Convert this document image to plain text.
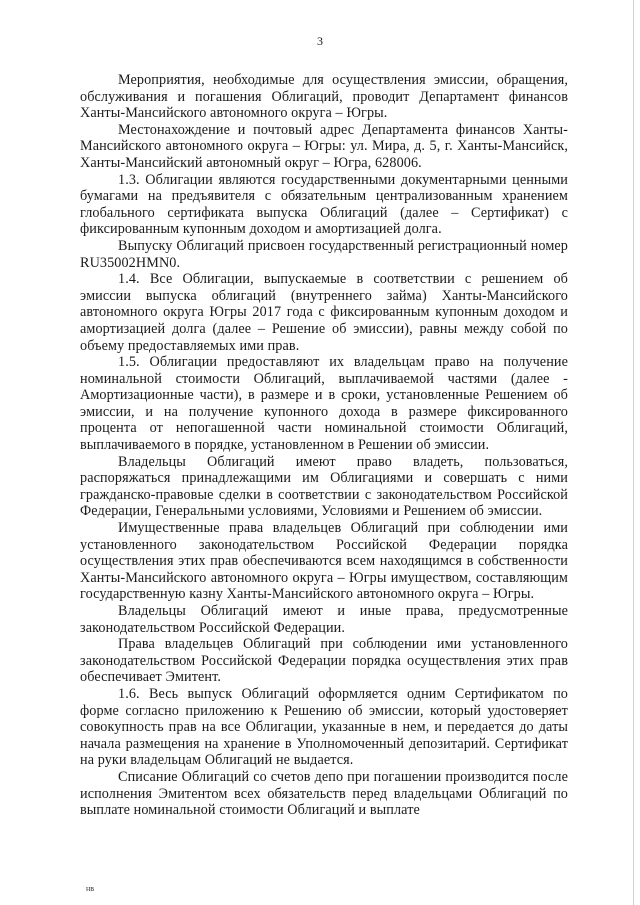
3

Мероприятия, необходимые для осуществления эмиссии, обращения, обслуживания и погашения Облигаций, проводит Департамент финансов Ханты-Мансийского автономного округа – Югры.

Местонахождение и почтовый адрес Департамента финансов Ханты-Мансийского автономного округа – Югры: ул. Мира, д. 5, г. Ханты-Мансийск, Ханты-Мансийский автономный округ – Югра, 628006.

1.3. Облигации являются государственными документарными ценными бумагами на предъявителя с обязательным централизованным хранением глобального сертификата выпуска Облигаций (далее – Сертификат) с фиксированным купонным доходом и амортизацией долга.

Выпуску Облигаций присвоен государственный регистрационный номер RU35002HMN0.

1.4. Все Облигации, выпускаемые в соответствии с решением об эмиссии выпуска облигаций (внутреннего займа) Ханты-Мансийского автономного округа Югры 2017 года с фиксированным купонным доходом и амортизацией долга (далее – Решение об эмиссии), равны между собой по объему предоставляемых ими прав.

1.5. Облигации предоставляют их владельцам право на получение номинальной стоимости Облигаций, выплачиваемой частями (далее - Амортизационные части), в размере и в сроки, установленные Решением об эмиссии, и на получение купонного дохода в размере фиксированного процента от непогашенной части номинальной стоимости Облигаций, выплачиваемого в порядке, установленном в Решении об эмиссии.

Владельцы Облигаций имеют право владеть, пользоваться, распоряжаться принадлежащими им Облигациями и совершать с ними гражданско-правовые сделки в соответствии с законодательством Российской Федерации, Генеральными условиями, Условиями и Решением об эмиссии.

Имущественные права владельцев Облигаций при соблюдении ими установленного законодательством Российской Федерации порядка осуществления этих прав обеспечиваются всем находящимся в собственности Ханты-Мансийского автономного округа – Югры имуществом, составляющим государственную казну Ханты-Мансийского автономного округа – Югры.

Владельцы Облигаций имеют и иные права, предусмотренные законодательством Российской Федерации.

Права владельцев Облигаций при соблюдении ими установленного законодательством Российской Федерации порядка осуществления этих прав обеспечивает Эмитент.

1.6. Весь выпуск Облигаций оформляется одним Сертификатом по форме согласно приложению к Решению об эмиссии, который удостоверяет совокупность прав на все Облигации, указанные в нем, и передается до даты начала размещения на хранение в Уполномоченный депозитарий. Сертификат на руки владельцам Облигаций не выдается.

Списание Облигаций со счетов депо при погашении производится после исполнения Эмитентом всех обязательств перед владельцами Облигаций по выплате номинальной стоимости Облигаций и выплате

нв
